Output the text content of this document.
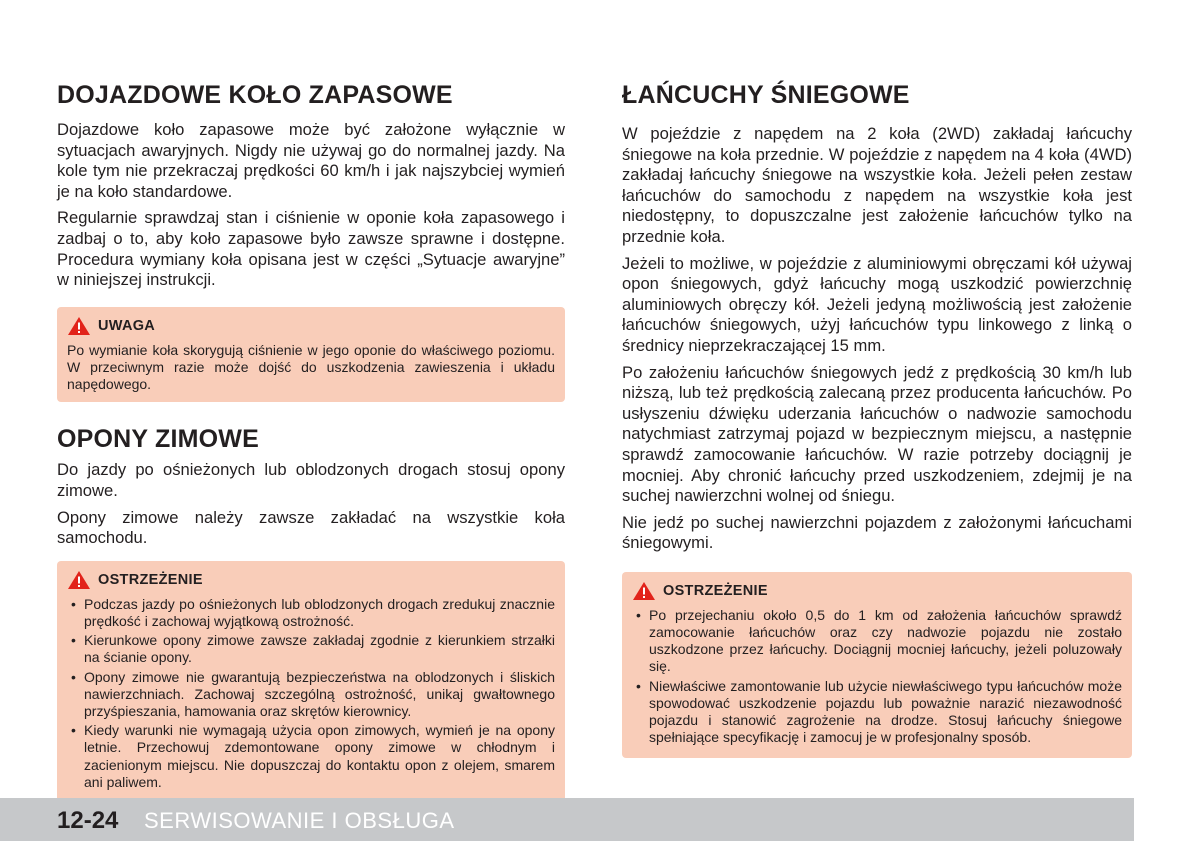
DOJAZDOWE KOŁO ZAPASOWE

Dojazdowe koło zapasowe może być założone wyłącznie w sytuacjach awaryjnych. Nigdy nie używaj go do normalnej jazdy. Na kole tym nie przekraczaj prędkości 60 km/h i jak najszybciej wymień je na koło standardowe.

Regularnie sprawdzaj stan i ciśnienie w oponie koła zapasowego i zadbaj o to, aby koło zapasowe było zawsze sprawne i dostępne. Procedura wymiany koła opisana jest w części „Sytuacje awaryjne” w niniejszej instrukcji.

UWAGA

Po wymianie koła skorygują ciśnienie w jego oponie do właściwego poziomu. W przeciwnym razie może dojść do uszkodzenia zawieszenia i układu napędowego.

OPONY ZIMOWE

Do jazdy po ośnieżonych lub oblodzonych drogach stosuj opony zimowe.

Opony zimowe należy zawsze zakładać na wszystkie koła samochodu.

OSTRZEŻENIE
• Podczas jazdy po ośnieżonych lub oblodzonych drogach zredukuj znacznie prędkość i zachowaj wyjątkową ostrożność.
• Kierunkowe opony zimowe zawsze zakładaj zgodnie z kierunkiem strzałki na ścianie opony.
• Opony zimowe nie gwarantują bezpieczeństwa na oblodzonych i śliskich nawierzchniach. Zachowaj szczególną ostrożność, unikaj gwałtownego przyśpieszania, hamowania oraz skrętów kierownicy.
• Kiedy warunki nie wymagają użycia opon zimowych, wymień je na opony letnie. Przechowuj zdemontowane opony zimowe w chłodnym i zacienionym miejscu. Nie dopuszczaj do kontaktu opon z olejem, smarem ani paliwem.
ŁAŃCUCHY ŚNIEGOWE

W pojeździe z napędem na 2 koła (2WD) zakładaj łańcuchy śniegowe na koła przednie. W pojeździe z napędem na 4 koła (4WD) zakładaj łańcuchy śniegowe na wszystkie koła. Jeżeli pełen zestaw łańcuchów do samochodu z napędem na wszystkie koła jest niedostępny, to dopuszczalne jest założenie łańcuchów tylko na przednie koła.

Jeżeli to możliwe, w pojeździe z aluminiowymi obręczami kół używaj opon śniegowych, gdyż łańcuchy mogą uszkodzić powierzchnię aluminiowych obręczy kół. Jeżeli jedyną możliwością jest założenie łańcuchów śniegowych, użyj łańcuchów typu linkowego z linką o średnicy nieprzekraczającej 15 mm.

Po założeniu łańcuchów śniegowych jedź z prędkością 30 km/h lub niższą, lub też prędkością zalecaną przez producenta łańcuchów. Po usłyszeniu dźwięku uderzania łańcuchów o nadwozie samochodu natychmiast zatrzymaj pojazd w bezpiecznym miejscu, a następnie sprawdź zamocowanie łańcuchów. W razie potrzeby dociągnij je mocniej. Aby chronić łańcuchy przed uszkodzeniem, zdejmij je na suchej nawierzchni wolnej od śniegu.

Nie jedź po suchej nawierzchni pojazdem z założonymi łańcuchami śniegowymi.

OSTRZEŻENIE
• Po przejechaniu około 0,5 do 1 km od założenia łańcuchów sprawdź zamocowanie łańcuchów oraz czy nadwozie pojazdu nie zostało uszkodzone przez łańcuchy. Dociągnij mocniej łańcuchy, jeżeli poluzowały się.
• Niewłaściwe zamontowanie lub użycie niewłaściwego typu łańcuchów może spowodować uszkodzenie pojazdu lub poważnie narazić niezawodność pojazdu i stanowić zagrożenie na drodze. Stosuj łańcuchy śniegowe spełniające specyfikację i zamocuj je w profesjonalny sposób.
12-24 SERWISOWANIE I OBSŁUGA
